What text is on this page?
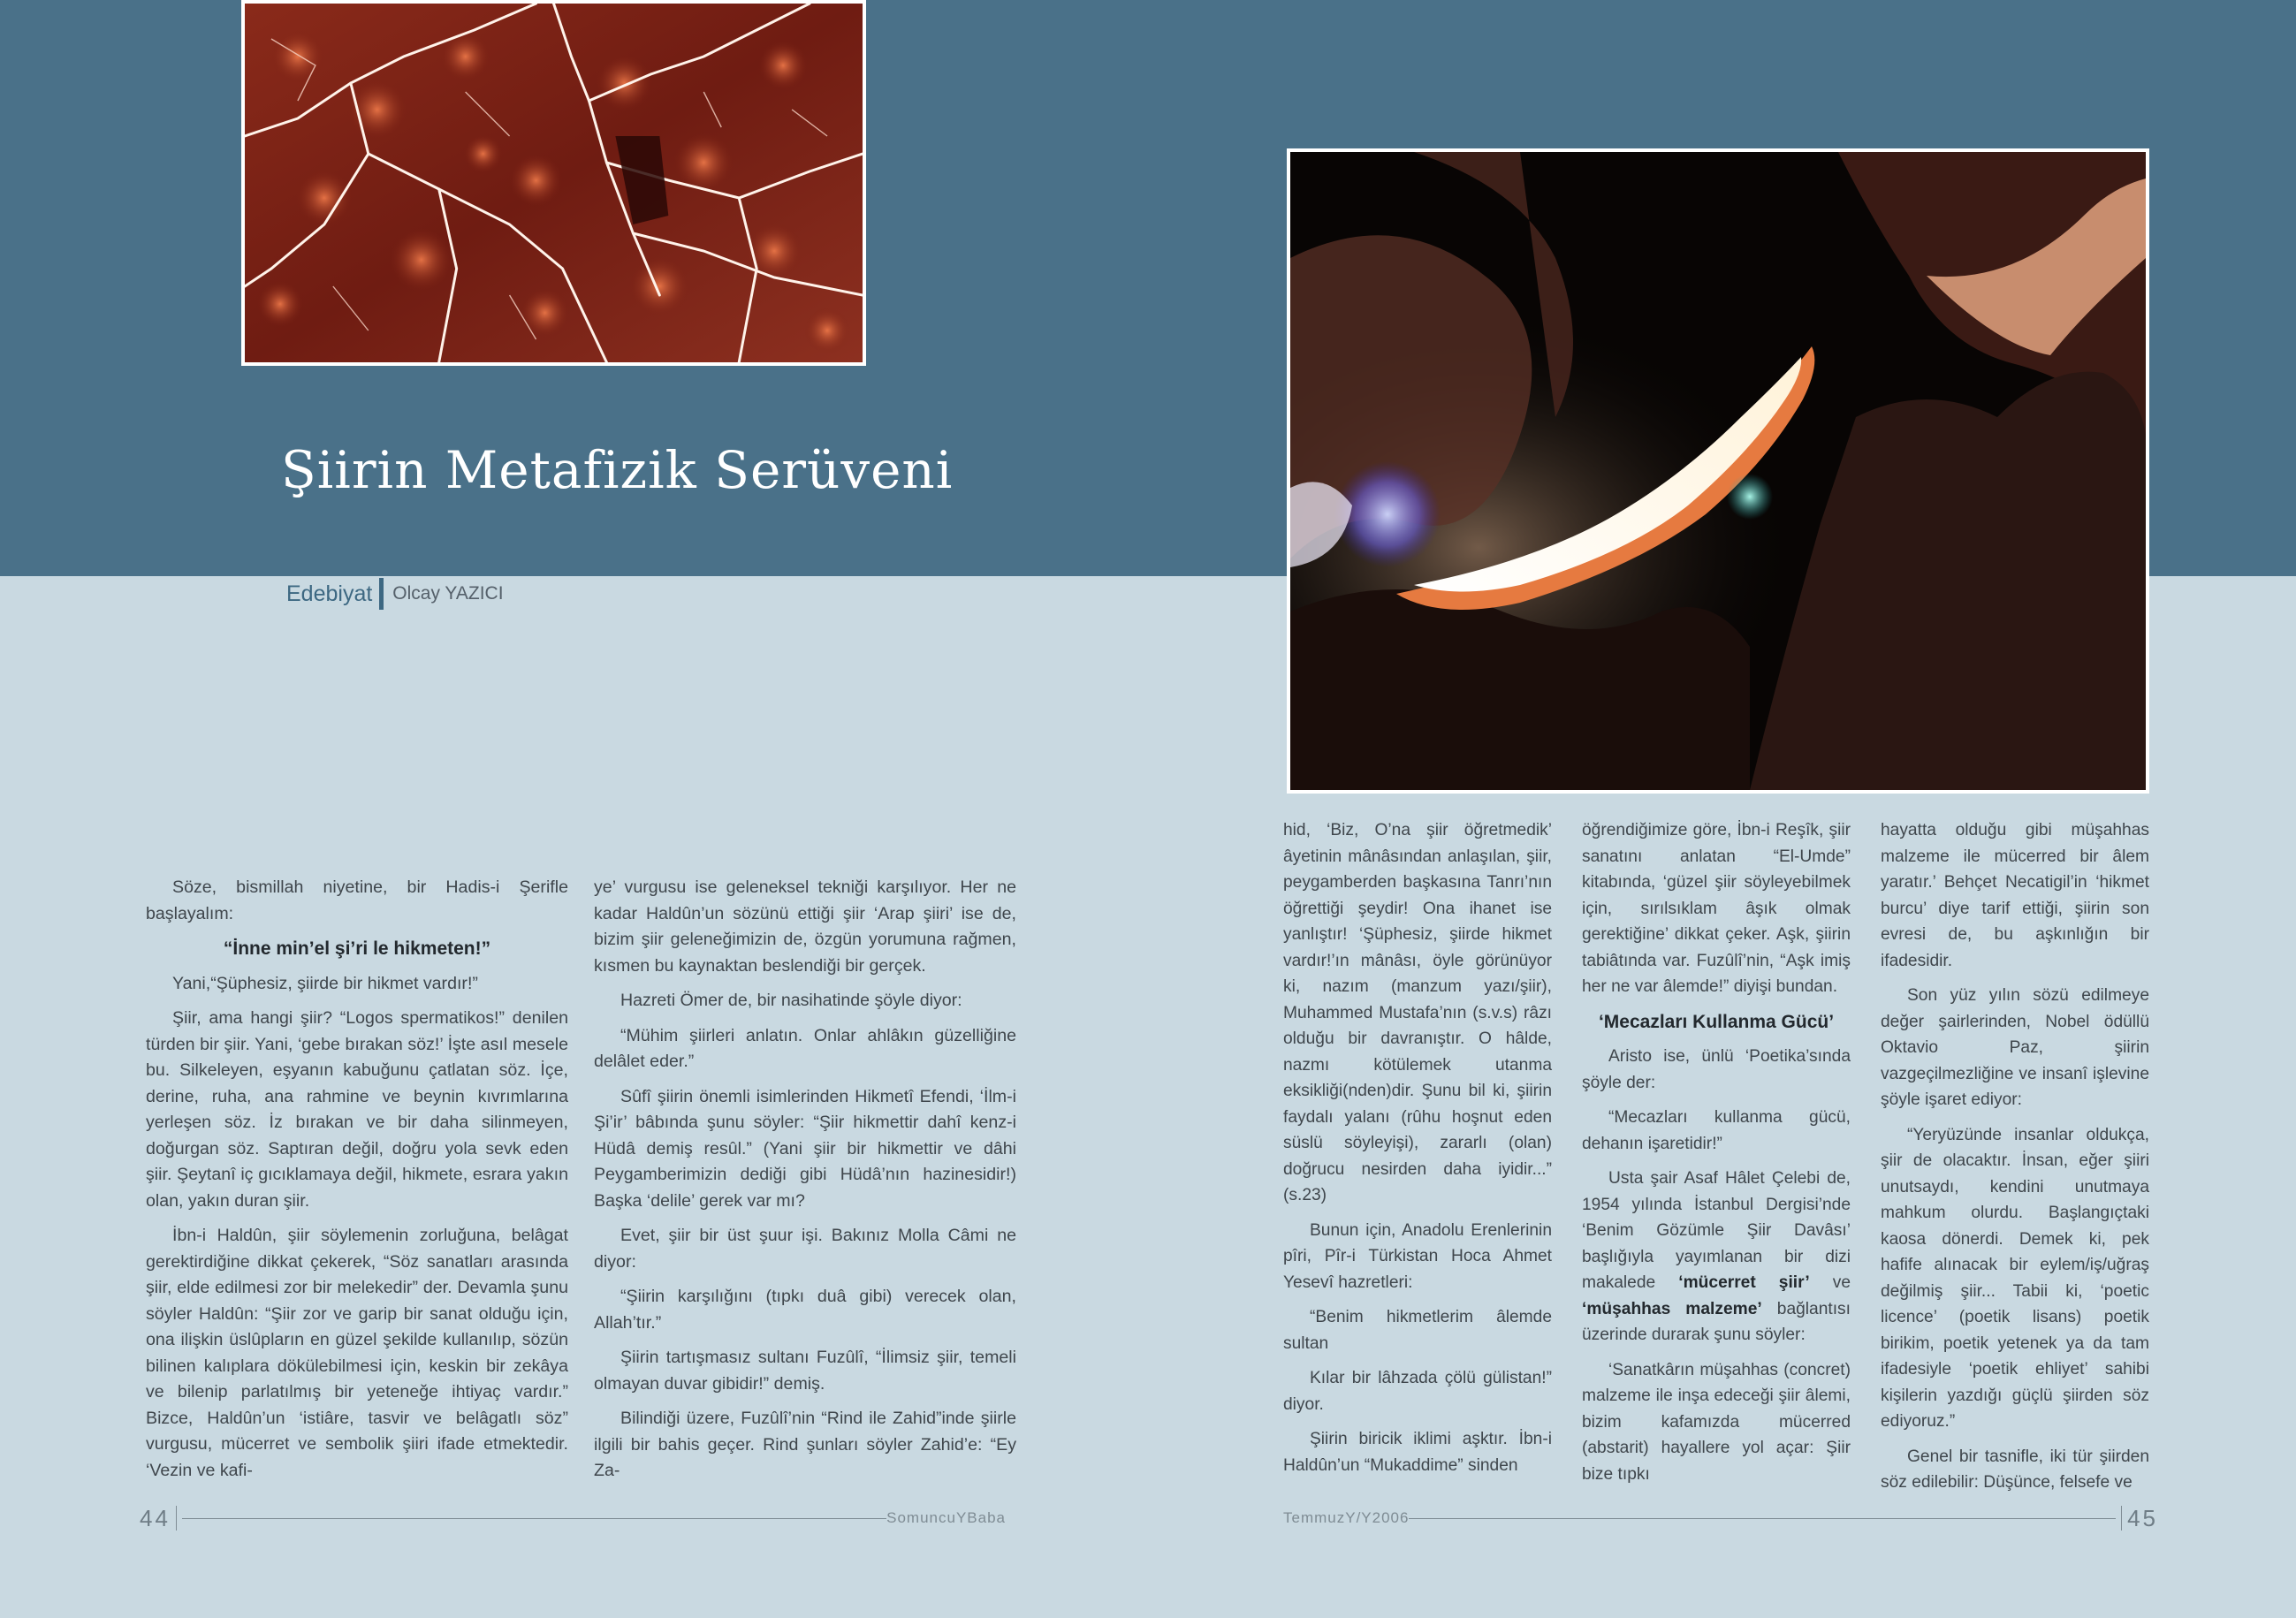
Şiirin Metafizik Serüveni
Edebiyat Olcay YAZICI

Söze, bismillah niyetine, bir Hadis-i Şerifle başlayalım:

“İnne min’el şi’ri le hikmeten!”

Yani,“Şüphesiz, şiirde bir hikmet vardır!”

Şiir, ama hangi şiir? “Logos spermatikos!” denilen türden bir şiir. Yani, ‘gebe bırakan söz!’ İşte asıl mesele bu. Silkeleyen, eşyanın kabuğunu çatlatan söz. İçe, derine, ruha, ana rahmine ve beynin kıvrımlarına yerleşen söz. İz bırakan ve bir daha silinmeyen, doğurgan söz. Saptıran değil, doğru yola sevk eden şiir. Şeytanî iç gıcıklamaya değil, hikmete, esrara yakın olan, yakın duran şiir.

İbn-i Haldûn, şiir söylemenin zorluğuna, belâgat gerektirdiğine dikkat çekerek, “Söz sanatları arasında şiir, elde edilmesi zor bir melekedir” der. Devamla şunu söyler Haldûn: “Şiir zor ve garip bir sanat olduğu için, ona ilişkin üslûpların en güzel şekilde kullanılıp, sözün bilinen kalıplara dökülebilmesi için, keskin bir zekâya ve bilenip parlatılmış bir yeteneğe ihtiyaç vardır.” Bizce, Haldûn’un ‘istiâre, tasvir ve belâgatlı söz” vurgusu, mücerret ve sembolik şiiri ifade etmektedir. ‘Vezin ve kafi-

ye’ vurgusu ise geleneksel tekniği karşılıyor. Her ne kadar Haldûn’un sözünü ettiği şiir ‘Arap şiiri’ ise de, bizim şiir geleneğimizin de, özgün yorumuna rağmen, kısmen bu kaynaktan beslendiği bir gerçek.

Hazreti Ömer de, bir nasihatinde şöyle diyor:

“Mühim şiirleri anlatın. Onlar ahlâkın güzelliğine delâlet eder.”

Sûfî şiirin önemli isimlerinden Hikmetî Efendi, ‘İlm-i Şi’ir’ bâbında şunu söyler: “Şiir hikmettir dahî kenz-i Hüdâ demiş resûl.” (Yani şiir bir hikmettir ve dâhi Peygamberimizin dediği gibi Hüdâ’nın hazinesidir!) Başka ‘delile’ gerek var mı?

Evet, şiir bir üst şuur işi. Bakınız Molla Câmi ne diyor:

“Şiirin karşılığını (tıpkı duâ gibi) verecek olan, Allah’tır.”

Şiirin tartışmasız sultanı Fuzûlî, “İlimsiz şiir, temeli olmayan duvar gibidir!” demiş.

Bilindiği üzere, Fuzûlî’nin “Rind ile Zahid”inde şiirle ilgili bir bahis geçer. Rind şunları söyler Zahid’e: “Ey Za-

hid, ‘Biz, O’na şiir öğretmedik’ âyetinin mânâsından anlaşılan, şiir, peygamberden başkasına Tanrı’nın öğrettiği şeydir! Ona ihanet ise yanlıştır! ‘Şüphesiz, şiirde hikmet vardır!’ın mânâsı, öyle görünüyor ki, nazım (manzum yazı/şiir), Muhammed Mustafa’nın (s.v.s) râzı olduğu bir davranıştır. O hâlde, nazmı kötülemek utanma eksikliği(nden)dir. Şunu bil ki, şiirin faydalı yalanı (rûhu hoşnut eden süslü söyleyişi), zararlı (olan) doğrucu nesirden daha iyidir...” (s.23)

Bunun için, Anadolu Erenlerinin pîri, Pîr-i Türkistan Hoca Ahmet Yesevî hazretleri:

“Benim hikmetlerim âlemde sultan

Kılar bir lâhzada çölü gülistan!” diyor.

Şiirin biricik iklimi aşktır. İbn-i Haldûn’un “Mukaddime” sinden

öğrendiğimize göre, İbn-i Reşîk, şiir sanatını anlatan “El-Umde” kitabında, ‘güzel şiir söyleyebilmek için, sırılsıklam âşık olmak gerektiğine’ dikkat çeker. Aşk, şiirin tabiâtında var. Fuzûlî’nin, “Aşk imiş her ne var âlemde!” diyişi bundan.

‘Mecazları Kullanma Gücü’

Aristo ise, ünlü ‘Poetika’sında şöyle der:

“Mecazları kullanma gücü, dehanın işaretidir!”

Usta şair Asaf Hâlet Çelebi de, 1954 yılında İstanbul Dergisi’nde ‘Benim Gözümle Şiir Davâsı’ başlığıyla yayımlanan bir dizi makalede ‘mücerret şiir’ ve ‘müşahhas malzeme’ bağlantısı üzerinde durarak şunu söyler:

‘Sanatkârın müşahhas (concret) malzeme ile inşa edeceği şiir âlemi, bizim kafamızda mücerred (abstarit) hayallere yol açar: Şiir bize tıpkı

hayatta olduğu gibi müşahhas malzeme ile mücerred bir âlem yaratır.’ Behçet Necatigil’in ‘hikmet burcu’ diye tarif ettiği, şiirin son evresi de, bu aşkınlığın bir ifadesidir.

Son yüz yılın sözü edilmeye değer şairlerinden, Nobel ödüllü Oktavio Paz, şiirin vazgeçilmezliğine ve insanî işlevine şöyle işaret ediyor:

“Yeryüzünde insanlar oldukça, şiir de olacaktır. İnsan, eğer şiiri unutsaydı, kendini unutmaya mahkum olurdu. Başlangıçtaki kaosa dönerdi. Demek ki, pek hafife alınacak bir eylem/iş/uğraş değilmiş şiir... Tabii ki, ‘poetic licence’ (poetik lisans) poetik birikim, poetik yetenek ya da tam ifadesiyle ‘poetik ehliyet’ sahibi kişilerin yazdığı güçlü şiirden söz ediyoruz.”

Genel bir tasnifle, iki tür şiirden söz edilebilir: Düşünce, felsefe ve

44	SomuncuYBaba	TemmuzY/Y2006	45
